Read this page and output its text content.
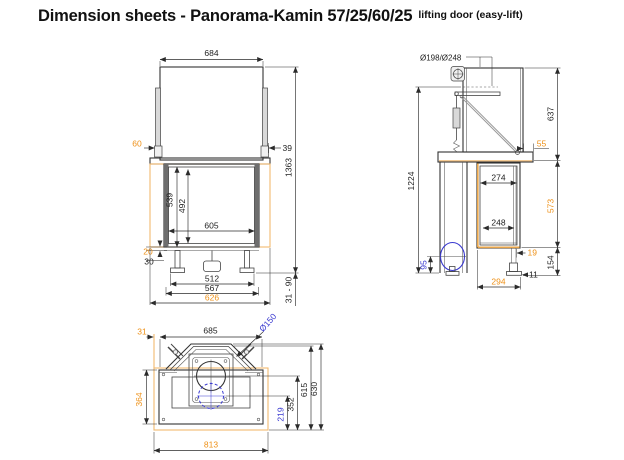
Dimension sheets - Panorama-Kamin 57/25/60/25 lifting door (easy-lift)
684
1363
39
60
539 492
605
20
30
512
567
626	31 - 90
Ø198/Ø248
637
55
1224	274
248
573
154
19
11
294
95
685
31	Ø150
364
219
352
615 630
813
